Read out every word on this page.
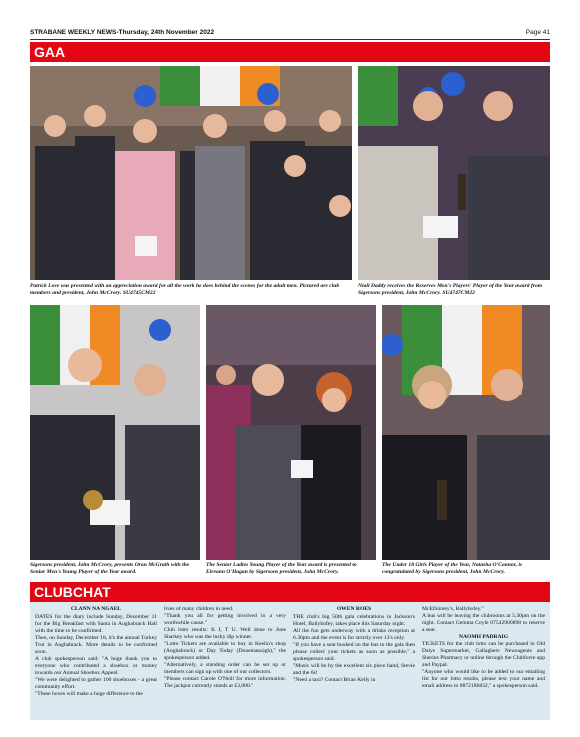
STRABANE WEEKLY NEWS-Thursday, 24th November 2022	Page 41
GAA
Patrick Love was presented with an appreciation award for all the work he does behind the scenes for the adult men. Pictured are club members and president, John McCrory. SU4745CM22
Niall Daddy receives the Reserves Men's Players' Player of the Year award from Sigersons president, John McCrory. SU4747CM22
Sigersons president, John McCrory, presents Oran McGrath with the Senior Men's Young Player of the Year award.
The Senior Ladies Young Player of the Year award is presented to Eireann O'Hagan by Sigersons president, John McCrory.
The Under 18 Girls Player of the Year, Natasha O'Connor, is congratulated by Sigersons president, John McCrory.
CLUBCHAT
CLANN NA NGAEL

DATES for the diary include Sunday, December 11 for the Big Breakfast with Santa in Aughabrack Hall with the time to be confirmed.

Then, on Sunday, December 18, it's the annual Turkey Trot in Aughabrack. More details to be confirmed soon.

A club spokesperson said: "A huge thank you to everyone who contributed a shoebox or money towards our Annual Shoebox Appeal.

"We were delighted to gather 100 shoeboxes - a great community effort.

"These boxes will make a huge difference to the

lives of many children in need.

"Thank you all for getting involved in a very worthwhile cause."

Club lotto results: K I, T U. Well done to June Sharkey who was the lucky dip winner.

"Lotto Tickets are available to buy in Keelin's shop (Aughabrack) or Day Today (Donemana)gh)," the spokesperson added.

"Alternatively, a standing order can be set up or members can sign up with one of our collectors.

"Please contact Carole O'Neill for more information. The jackpot currently stands at £3,000."

OWEN ROES

THE club's big 50th gala celebrations in Jackson's Hotel, Ballybofey, takes place this Saturday night.

All the fun gets underway with a drinks reception at 6.30pm and the event is for strictly over 13's only.

"If you have a seat booked on the bus to the gala then please collect your tickets as soon as possible," a spokesperson said.

"Music will be by the excellent six piece band, Stevie and the 6s!

"Need a taxi? Contact Brian Kelly in

McElhinney's, Ballybofey."

A bus will be leaving the clubrooms at 5.30pm on the night. Contact Gemma Coyle 07542900898 to reserve a seat.

NAOMH PADRAIG

TICKETS for the club lotto can be purchased in Old Dalys Supermarket, Gallaghers Newsagents and Sherins Pharmacy or online through the Clubforce app and Paypal.

"Anyone who would like to be added to our emailing list for our lotto results, please text your name and email address to 0872186832," a spokesperson said.
